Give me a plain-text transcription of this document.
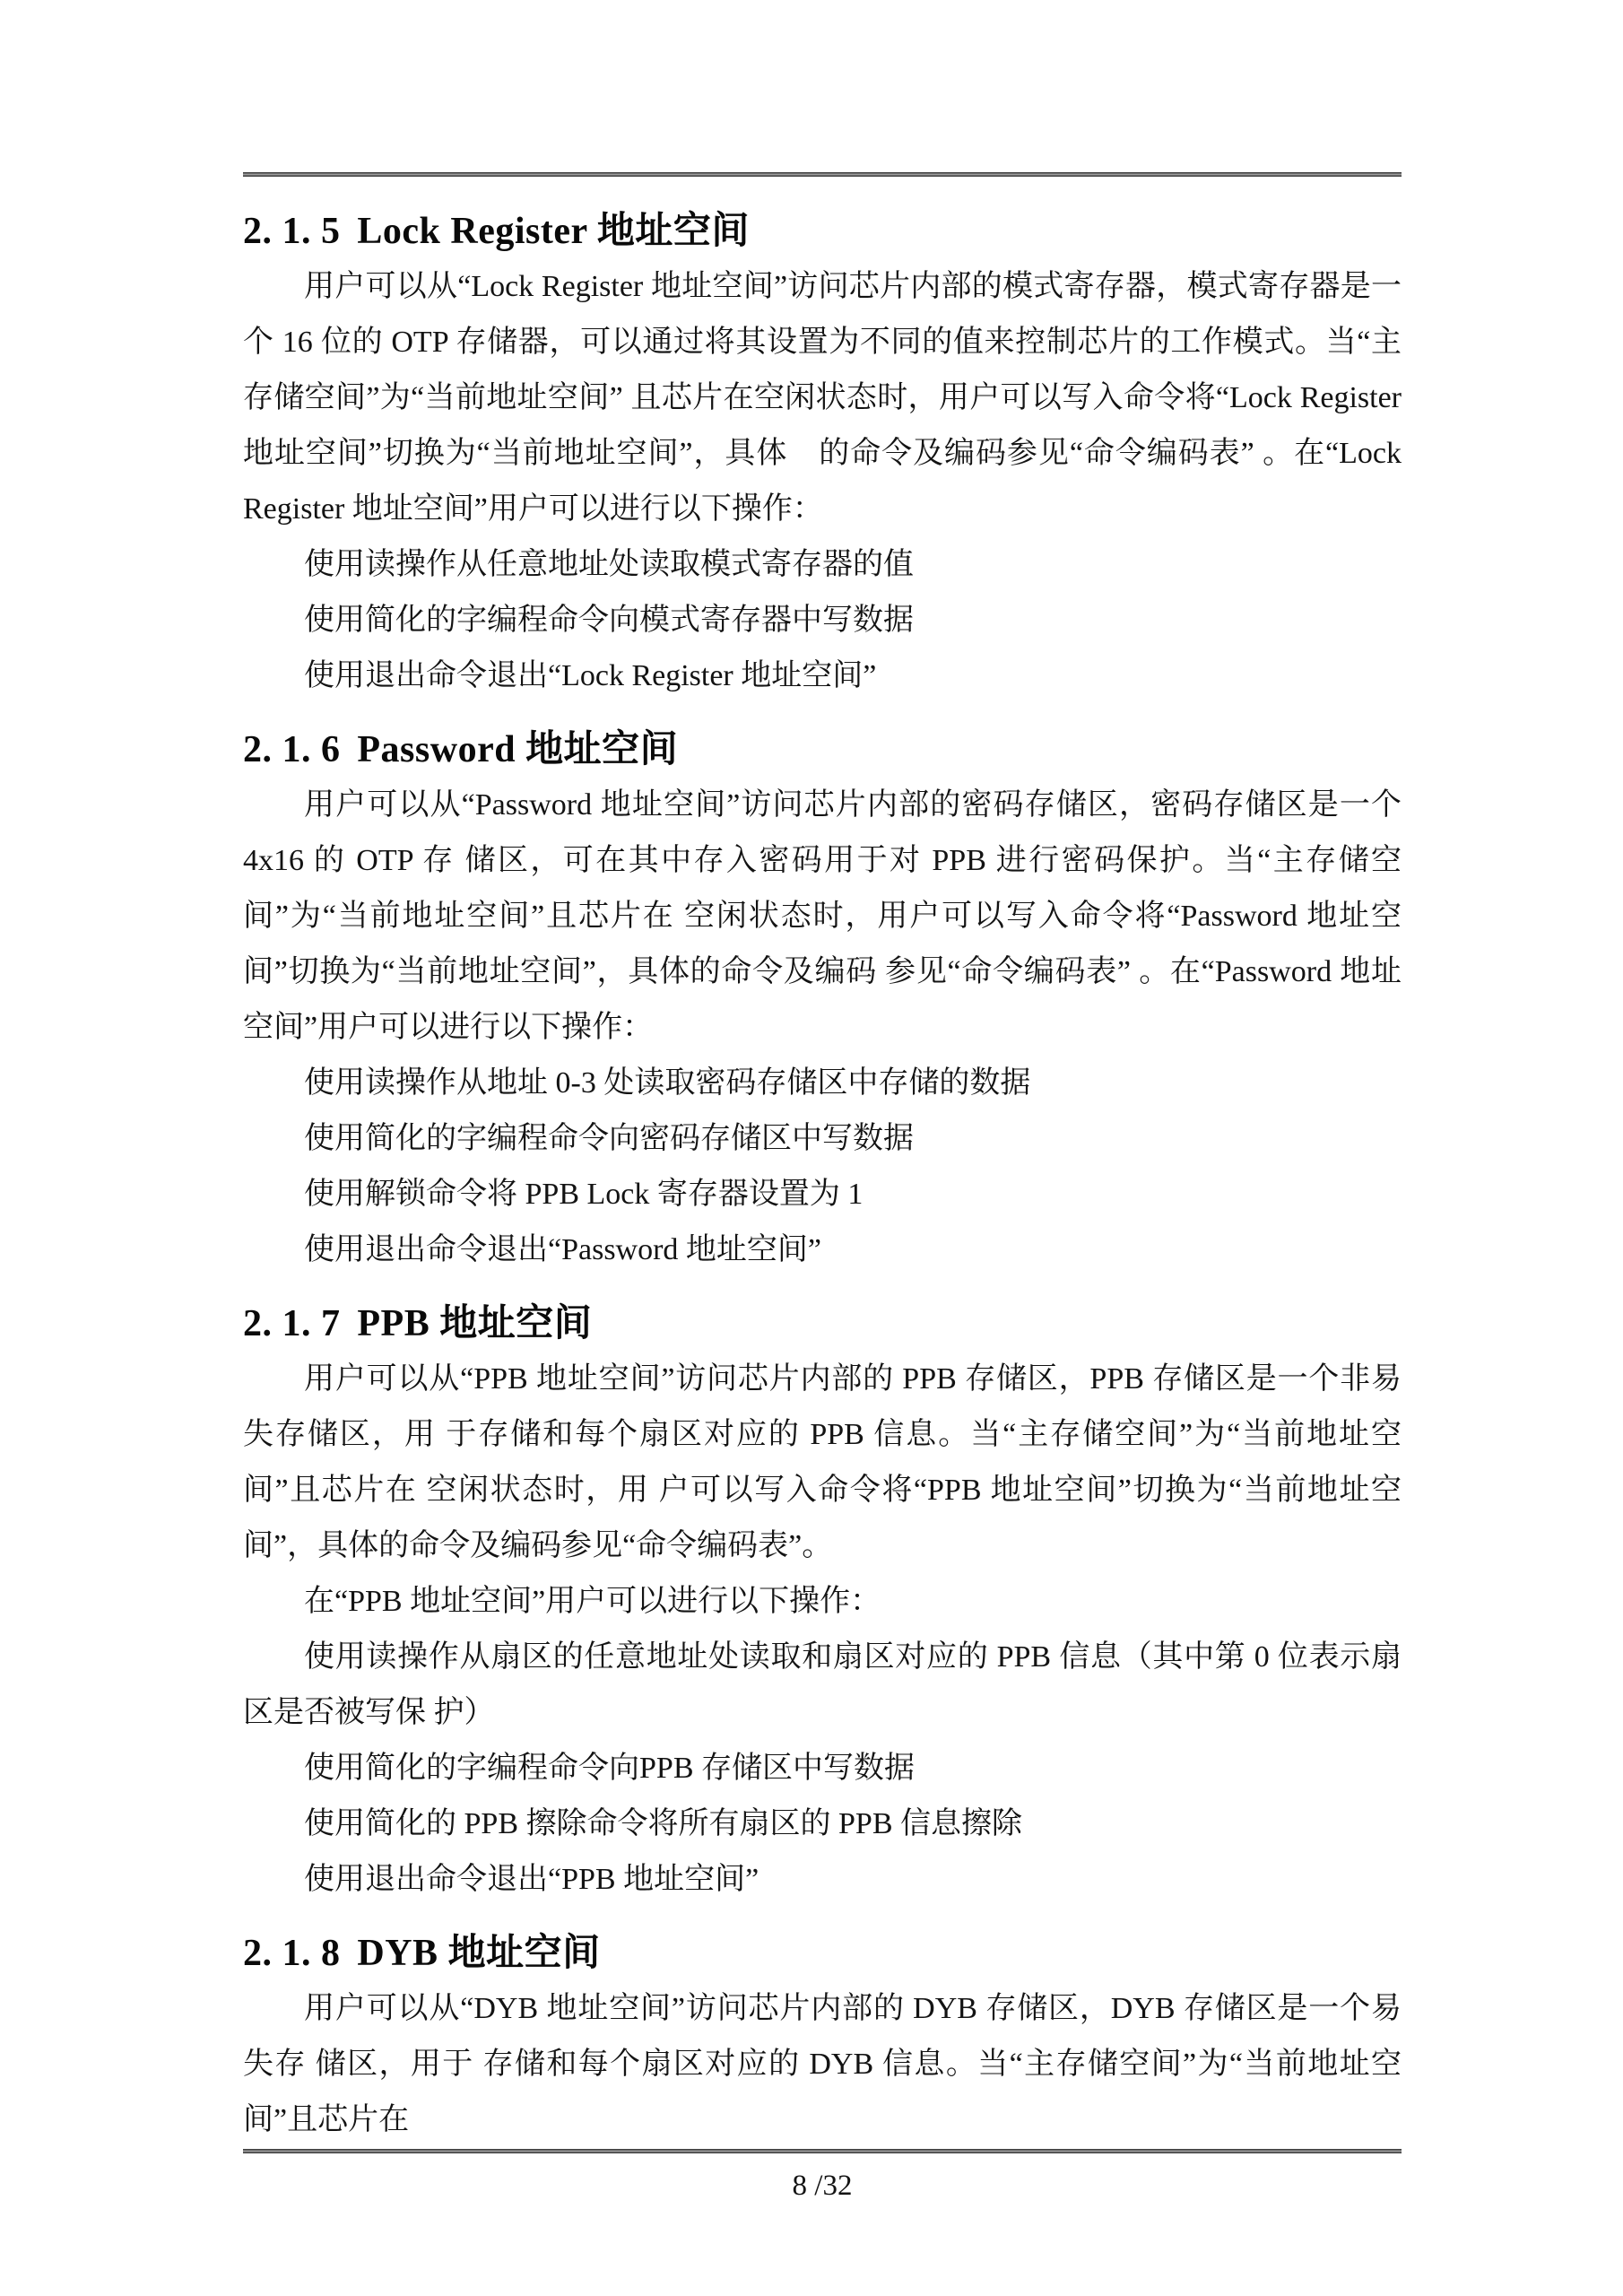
2. 1. 5 Lock Register 地址空间

用户可以从“Lock Register 地址空间”访问芯片内部的模式寄存器，模式寄存器是一个 16 位的 OTP 存储器，可以通过将其设置为不同的值来控制芯片的工作模式。当“主存储空间”为“当前地址空间” 且芯片在空闲状态时，用户可以写入命令将“Lock Register 地址空间”切换为“当前地址空间”，具体　的命令及编码参见“命令编码表” 。在“Lock Register 地址空间”用户可以进行以下操作：

使用读操作从任意地址处读取模式寄存器的值

使用简化的字编程命令向模式寄存器中写数据

使用退出命令退出“Lock Register 地址空间”

2. 1. 6 Password 地址空间

用户可以从“Password 地址空间”访问芯片内部的密码存储区，密码存储区是一个 4x16 的 OTP 存 储区，可在其中存入密码用于对 PPB 进行密码保护。当“主存储空间”为“当前地址空间”且芯片在 空闲状态时，用户可以写入命令将“Password 地址空间”切换为“当前地址空间”，具体的命令及编码 参见“命令编码表” 。在“Password 地址空间”用户可以进行以下操作：

使用读操作从地址 0-3 处读取密码存储区中存储的数据

使用简化的字编程命令向密码存储区中写数据

使用解锁命令将 PPB Lock 寄存器设置为 1

使用退出命令退出“Password 地址空间”

2. 1. 7 PPB 地址空间

用户可以从“PPB 地址空间”访问芯片内部的 PPB 存储区，PPB 存储区是一个非易失存储区，用 于存储和每个扇区对应的 PPB 信息。当“主存储空间”为“当前地址空间”且芯片在 空闲状态时，用 户可以写入命令将“PPB 地址空间”切换为“当前地址空间”，具体的命令及编码参见“命令编码表”。

在“PPB 地址空间”用户可以进行以下操作：

使用读操作从扇区的任意地址处读取和扇区对应的 PPB 信息（其中第 0 位表示扇区是否被写保 护）

使用简化的字编程命令向PPB 存储区中写数据

使用简化的 PPB 擦除命令将所有扇区的 PPB 信息擦除

使用退出命令退出“PPB 地址空间”

2. 1. 8 DYB 地址空间

用户可以从“DYB 地址空间”访问芯片内部的 DYB 存储区，DYB 存储区是一个易失存 储区，用于 存储和每个扇区对应的 DYB 信息。当“主存储空间”为“当前地址空间”且芯片在

8 /32
